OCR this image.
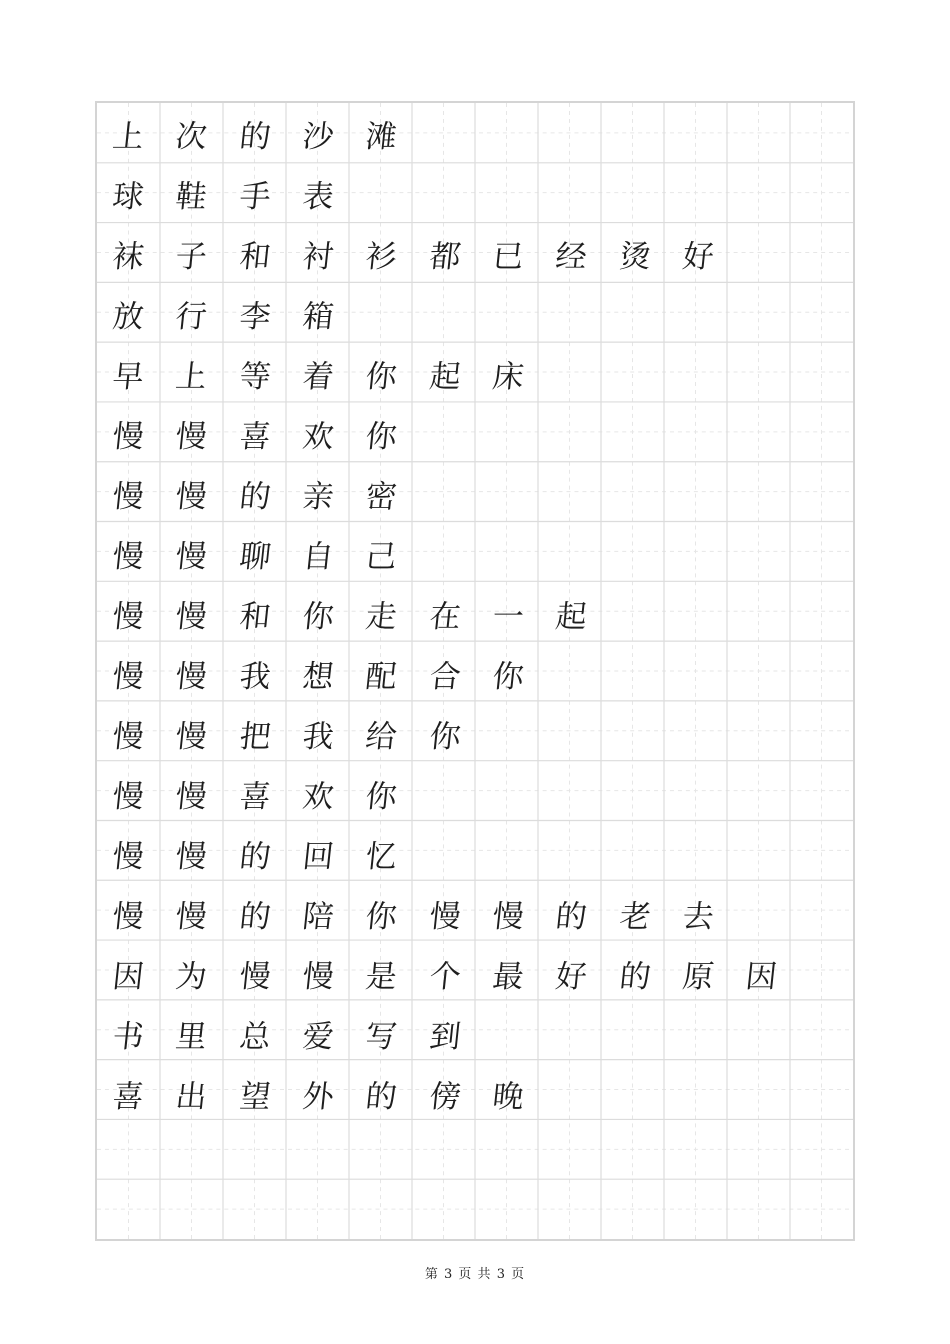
上 次 的 沙 滩
球 鞋 手 表
袜 子 和 衬 衫 都 已 经 烫 好
放 行 李 箱
早 上 等 着 你 起 床
慢 慢 喜 欢 你
慢 慢 的 亲 密
慢 慢 聊 自 己
慢 慢 和 你 走 在 一 起
慢 慢 我 想 配 合 你
慢 慢 把 我 给 你
慢 慢 喜 欢 你
慢 慢 的 回 忆
慢 慢 的 陪 你 慢 慢 的 老 去
因 为 慢 慢 是 个 最 好 的 原 因
书 里 总 爱 写 到
喜 出 望 外 的 傍 晚
第 3 页 共 3 页
